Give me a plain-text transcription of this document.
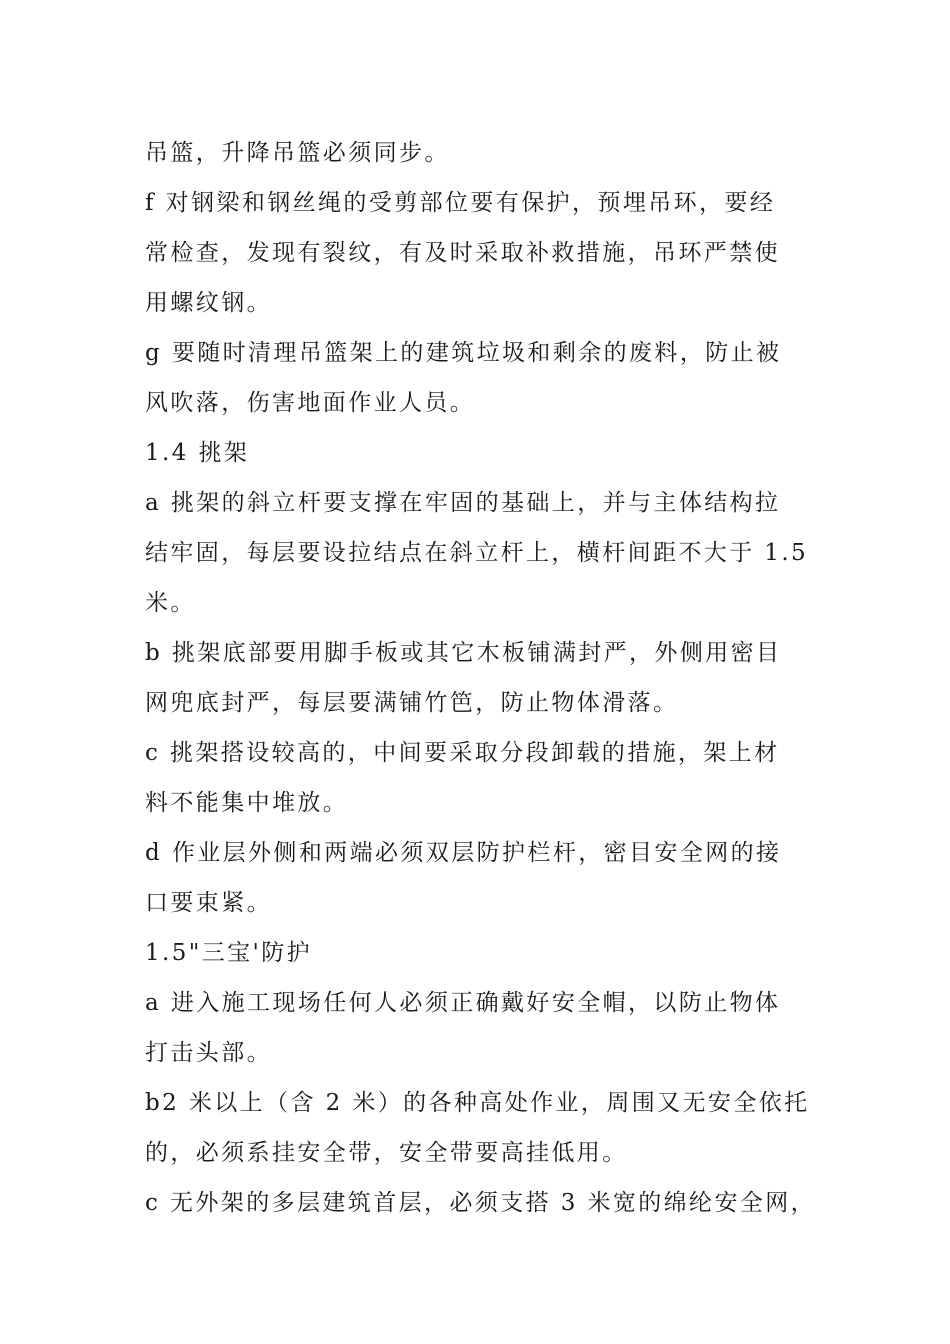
吊篮，升降吊篮必须同步。
f 对钢梁和钢丝绳的受剪部位要有保护，预埋吊环，要经
常检查，发现有裂纹，有及时采取补救措施，吊环严禁使
用螺纹钢。
g 要随时清理吊篮架上的建筑垃圾和剩余的废料，防止被
风吹落，伤害地面作业人员。
1.4 挑架
a 挑架的斜立杆要支撑在牢固的基础上，并与主体结构拉
结牢固，每层要设拉结点在斜立杆上，横杆间距不大于 1.5
米。
b 挑架底部要用脚手板或其它木板铺满封严，外侧用密目
网兜底封严，每层要满铺竹笆，防止物体滑落。
c 挑架搭设较高的，中间要采取分段卸载的措施，架上材
料不能集中堆放。
d 作业层外侧和两端必须双层防护栏杆，密目安全网的接
口要束紧。
1.5"三宝'防护
a 进入施工现场任何人必须正确戴好安全帽，以防止物体
打击头部。
b2 米以上（含 2 米）的各种高处作业，周围又无安全依托
的，必须系挂安全带，安全带要高挂低用。
c 无外架的多层建筑首层，必须支搭 3 米宽的绵纶安全网，
